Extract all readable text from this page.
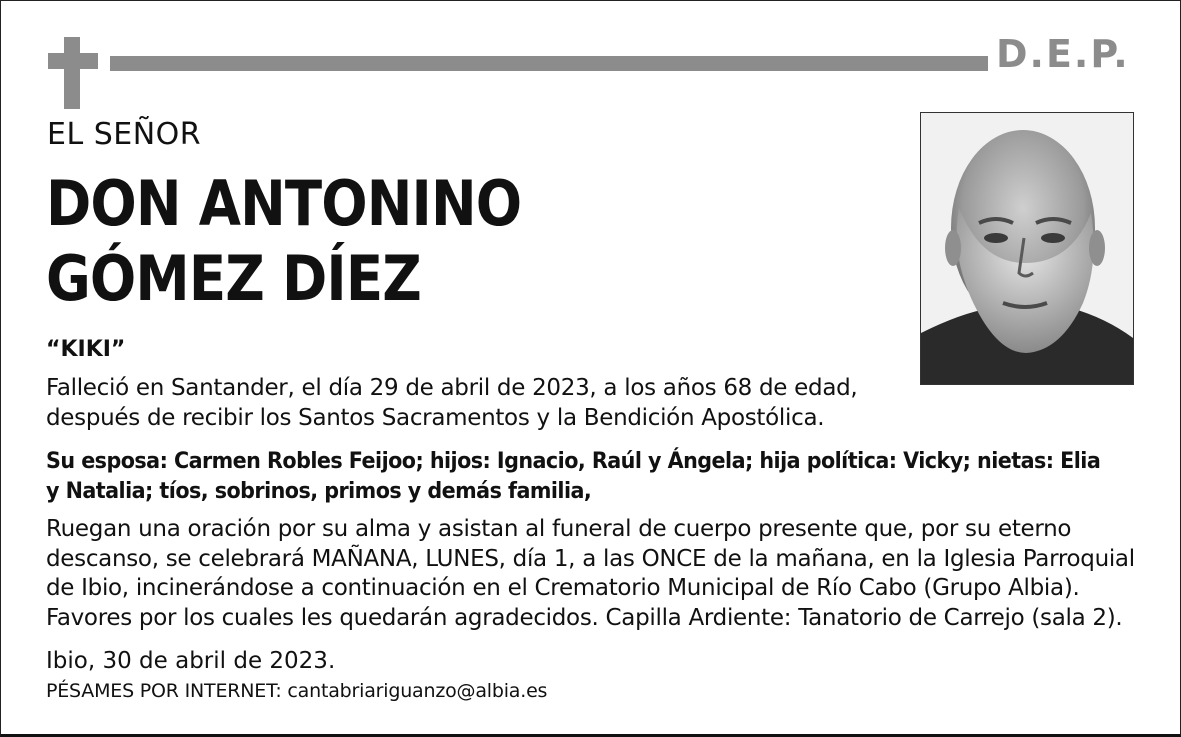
D.E.P.
EL SEÑOR
DON ANTONINO
GÓMEZ DÍEZ
“KIKI”
Falleció en Santander, el día 29 de abril de 2023, a los años 68 de edad,
después de recibir los Santos Sacramentos y la Bendición Apostólica.
Su esposa: Carmen Robles Feijoo; hijos: Ignacio, Raúl y Ángela; hija política: Vicky; nietas: Elia
y Natalia; tíos, sobrinos, primos y demás familia,
Ruegan una oración por su alma y asistan al funeral de cuerpo presente que, por su eterno
descanso, se celebrará MAÑANA, LUNES, día 1, a las ONCE de la mañana, en la Iglesia Parroquial
de Ibio, incinerándose a continuación en el Crematorio Municipal de Río Cabo (Grupo Albia).
Favores por los cuales les quedarán agradecidos. Capilla Ardiente: Tanatorio de Carrejo (sala 2).
Ibio, 30 de abril de 2023.
PÉSAMES POR INTERNET: cantabriariguanzo@albia.es
